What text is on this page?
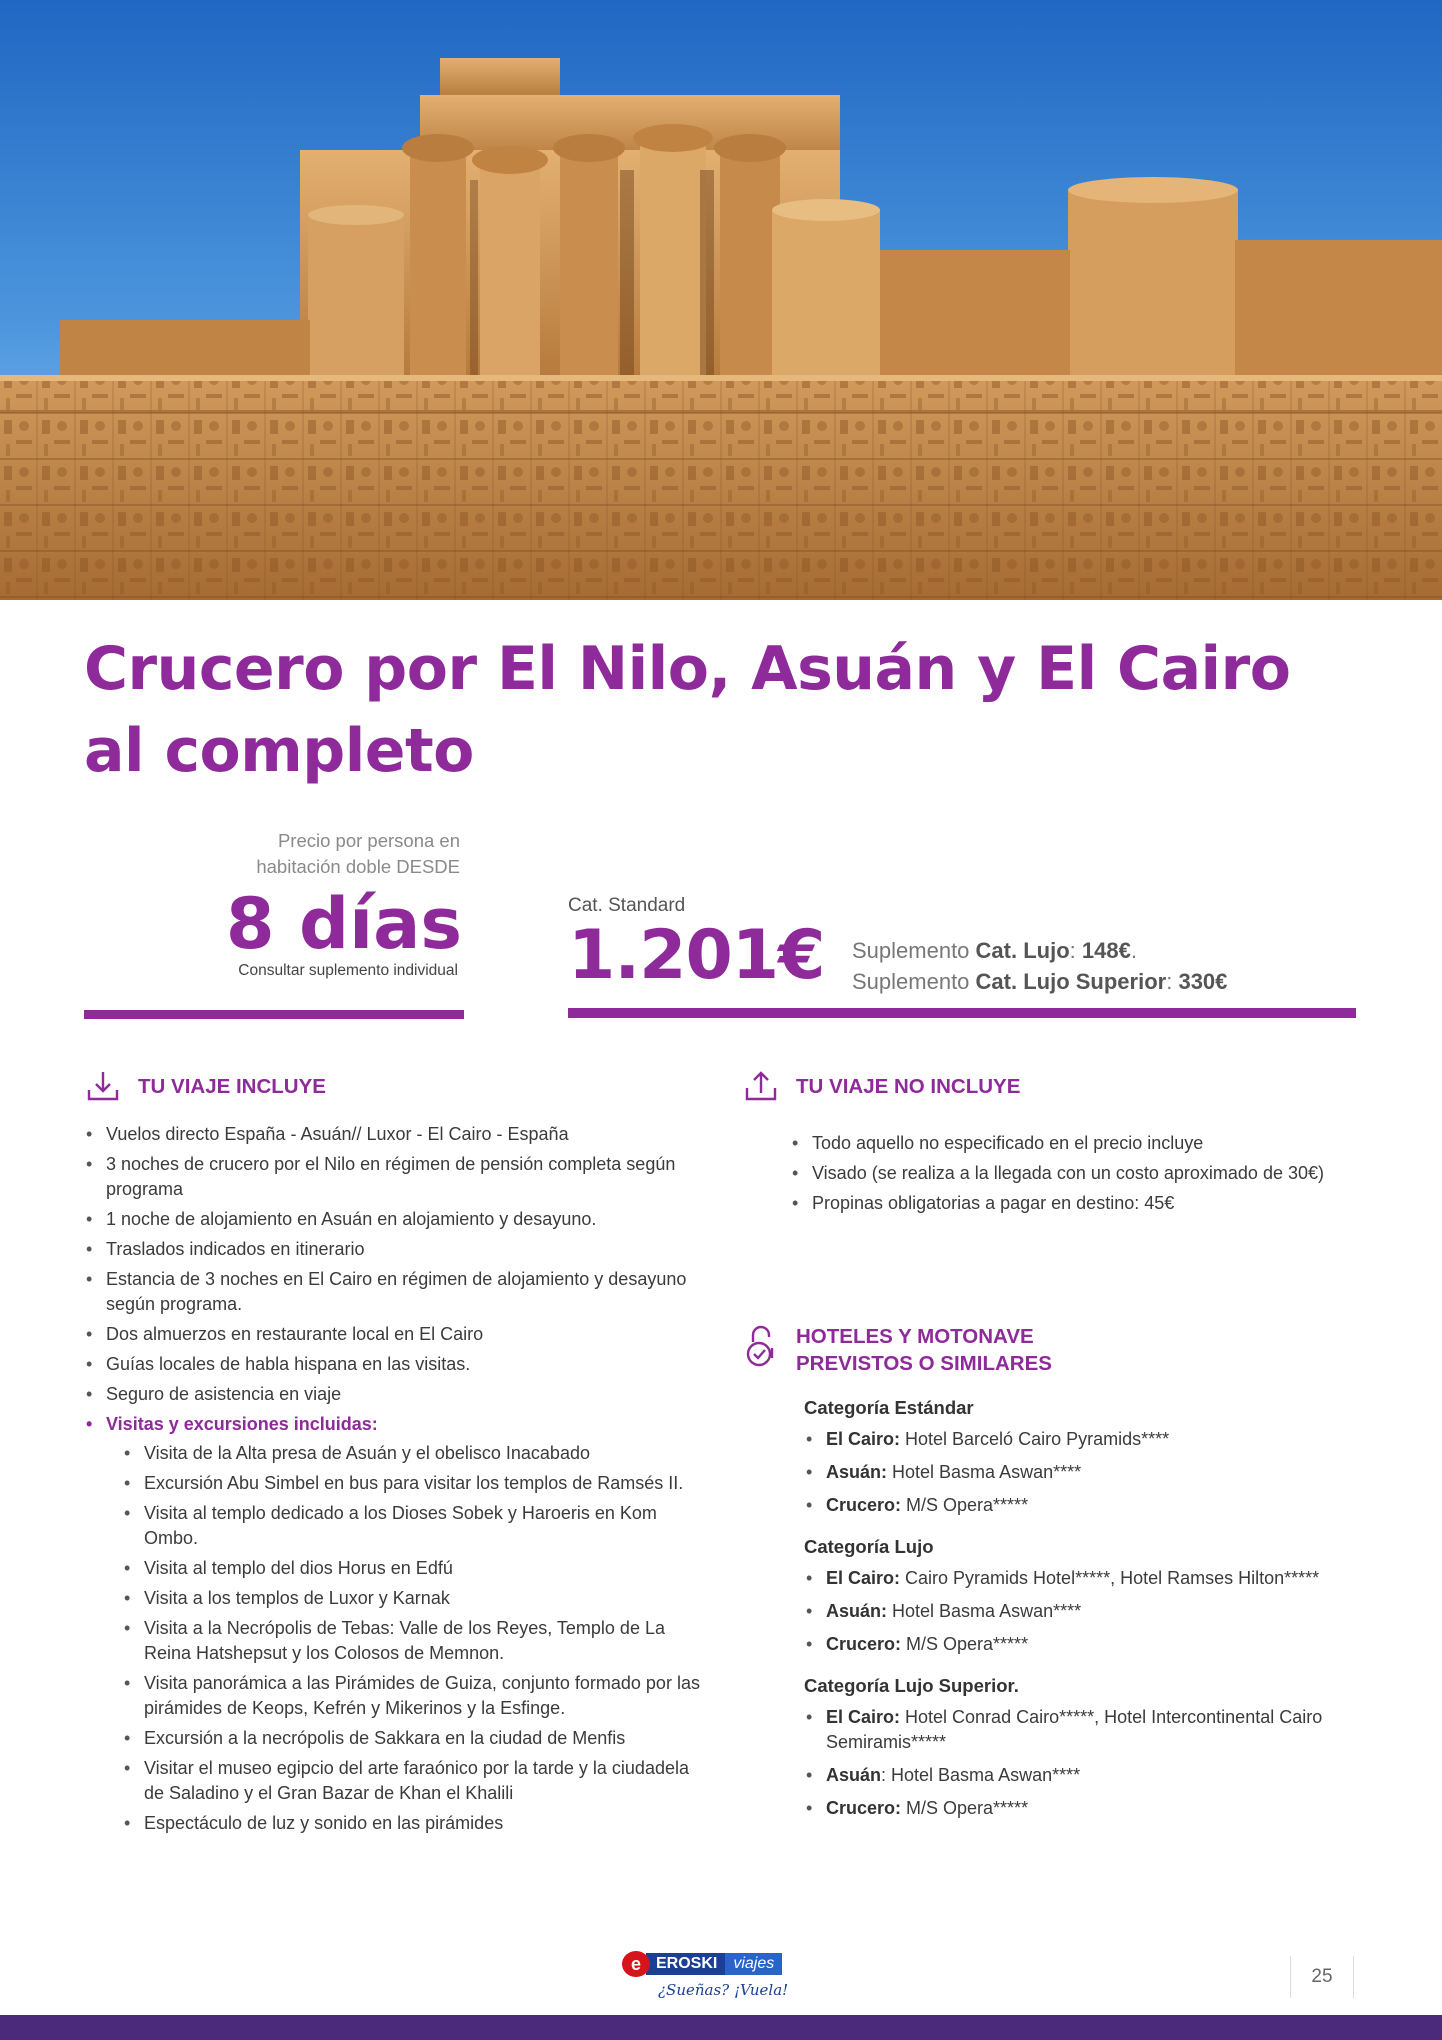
Crucero por El Nilo, Asuán y El Cairo
al completo
Precio por persona en
habitación doble DESDE
8 días
Consultar suplemento individual
Cat. Standard
1.201€ Suplemento Cat. Lujo: 148€.
Suplemento Cat. Lujo Superior: 330€
TU VIAJE INCLUYE
• Vuelos directo España - Asuán// Luxor - El Cairo - España
• 3 noches de crucero por el Nilo en régimen de pensión completa según programa
• 1 noche de alojamiento en Asuán en alojamiento y desayuno.
• Traslados indicados en itinerario
• Estancia de 3 noches en El Cairo en régimen de alojamiento y desayuno según programa.
• Dos almuerzos en restaurante local en El Cairo
• Guías locales de habla hispana en las visitas.
• Seguro de asistencia en viaje
• Visitas y excursiones incluidas:
• Visita de la Alta presa de Asuán y el obelisco Inacabado
• Excursión Abu Simbel en bus para visitar los templos de Ramsés II.
• Visita al templo dedicado a los Dioses Sobek y Haroeris en Kom Ombo.
• Visita al templo del dios Horus en Edfú
• Visita a los templos de Luxor y Karnak
• Visita a la Necrópolis de Tebas: Valle de los Reyes, Templo de La Reina Hatshepsut y los Colosos de Memnon.
• Visita panorámica a las Pirámides de Guiza, conjunto formado por las pirámides de Keops, Kefrén y Mikerinos y la Esfinge.
• Excursión a la necrópolis de Sakkara en la ciudad de Menfis
• Visitar el museo egipcio del arte faraónico por la tarde y la ciudadela de Saladino y el Gran Bazar de Khan el Khalili
• Espectáculo de luz y sonido en las pirámides
TU VIAJE NO INCLUYE
• Todo aquello no especificado en el precio incluye
• Visado (se realiza a la llegada con un costo aproximado de 30€)
• Propinas obligatorias a pagar en destino: 45€
HOTELES Y MOTONAVE
PREVISTOS O SIMILARES
Categoría Estándar
• El Cairo: Hotel Barceló Cairo Pyramids****
• Asuán: Hotel Basma Aswan****
• Crucero: M/S Opera*****
Categoría Lujo
• El Cairo: Cairo Pyramids Hotel*****, Hotel Ramses Hilton*****
• Asuán: Hotel Basma Aswan****
• Crucero: M/S Opera*****
Categoría Lujo Superior.
• El Cairo: Hotel Conrad Cairo*****, Hotel Intercontinental Cairo Semiramis*****
• Asuán: Hotel Basma Aswan****
• Crucero: M/S Opera*****
e EROSKI	viajes
¿Sueñas? ¡Vuela!
25
